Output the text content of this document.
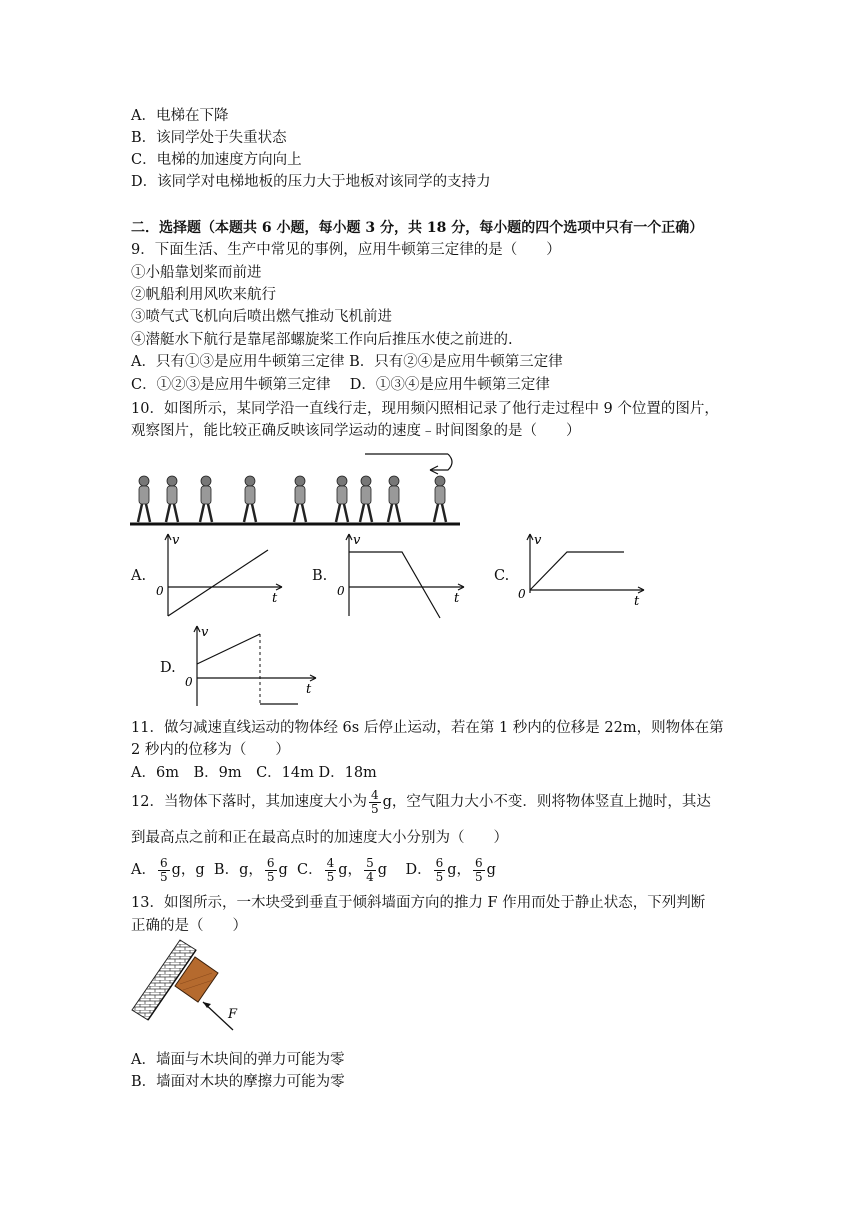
A．电梯在下降
B．该同学处于失重状态
C．电梯的加速度方向向上
D．该同学对电梯地板的压力大于地板对该同学的支持力
二．选择题（本题共 6 小题，每小题 3 分，共 18 分，每小题的四个选项中只有一个正确）
9．下面生活、生产中常见的事例，应用牛顿第三定律的是（　　）
①小船靠划桨而前进
②帆船利用风吹来航行
③喷气式飞机向后喷出燃气推动飞机前进
④潜艇水下航行是靠尾部螺旋桨工作向后推压水使之前进的.
A．只有①③是应用牛顿第三定律 B．只有②④是应用牛顿第三定律
C．①②③是应用牛顿第三定律　 D．①③④是应用牛顿第三定律
10．如图所示，某同学沿一直线行走，现用频闪照相记录了他行走过程中 9 个位置的图片，
观察图片，能比较正确反映该同学运动的速度﹣时间图象的是（　　）
A.
v
t
0
B.
v
t
0
C.
v
t
0
D.
v
t
0
11．做匀减速直线运动的物体经 6s 后停止运动，若在第 1 秒内的位移是 22m，则物体在第
2 秒内的位移为（　　）
A．6m　B．9m　C．14m D．18m
12．当物体下落时，其加速度大小为 $\frac{4}{5}$ g，空气阻力大小不变．则将物体竖直上抛时，其达
到最高点之前和正在最高点时的加速度大小分别为（　　）
A． $\frac{6}{5}$ g，g B．g， $\frac{6}{5}$ g C． $\frac{4}{5}$ g， $\frac{5}{4}$ g D． $\frac{6}{5}$ g， $\frac{6}{5}$ g
13．如图所示，一木块受到垂直于倾斜墙面方向的推力 F 作用而处于静止状态，下列判断
正确的是（　　）
F
A．墙面与木块间的弹力可能为零
B．墙面对木块的摩擦力可能为零
